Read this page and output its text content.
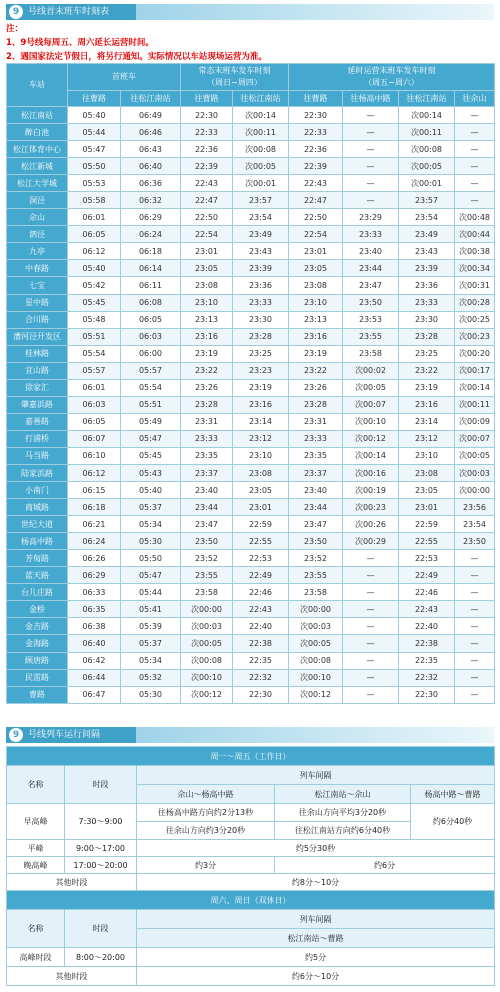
9 号线首末班车时刻表
注：
1、9号线每周五、周六延长运营时间。
2、遇国家法定节假日，将另行通知。实际情况以车站现场运营为准。
车站	首班车		常态末班车发车时刻
（周日~周四）		延时运营末班车发车时刻
（周五~周六）			

	往曹路	往松江南站	往曹路	往松江南站	往曹路	往杨高中路	往松江南站	往佘山
松江南站	05:40	06:49	22:30	次00:14	22:30	—	次00:14	—
醉白池	05:44	06:46	22:33	次00:11	22:33	—	次00:11	—
松江体育中心	05:47	06:43	22:36	次00:08	22:36	—	次00:08	—
松江新城	05:50	06:40	22:39	次00:05	22:39	—	次00:05	—
松江大学城	05:53	06:36	22:43	次00:01	22:43	—	次00:01	—
洞泾	05:58	06:32	22:47	23:57	22:47	—	23:57	—
佘山	06:01	06:29	22:50	23:54	22:50	23:29	23:54	次00:48
泗泾	06:05	06:24	22:54	23:49	22:54	23:33	23:49	次00:44
九亭	06:12	06:18	23:01	23:43	23:01	23:40	23:43	次00:38
中春路	05:40	06:14	23:05	23:39	23:05	23:44	23:39	次00:34
七宝	05:42	06:11	23:08	23:36	23:08	23:47	23:36	次00:31
星中路	05:45	06:08	23:10	23:33	23:10	23:50	23:33	次00:28
合川路	05:48	06:05	23:13	23:30	23:13	23:53	23:30	次00:25
漕河泾开发区	05:51	06:03	23:16	23:28	23:16	23:55	23:28	次00:23
桂林路	05:54	06:00	23:19	23:25	23:19	23:58	23:25	次00:20
宜山路	05:57	05:57	23:22	23:23	23:22	次00:02	23:22	次00:17
徐家汇	06:01	05:54	23:26	23:19	23:26	次00:05	23:19	次00:14
肇嘉浜路	06:03	05:51	23:28	23:16	23:28	次00:07	23:16	次00:11
嘉善路	06:05	05:49	23:31	23:14	23:31	次00:10	23:14	次00:09
打浦桥	06:07	05:47	23:33	23:12	23:33	次00:12	23:12	次00:07
马当路	06:10	05:45	23:35	23:10	23:35	次00:14	23:10	次00:05
陆家浜路	06:12	05:43	23:37	23:08	23:37	次00:16	23:08	次00:03
小南门	06:15	05:40	23:40	23:05	23:40	次00:19	23:05	次00:00
商城路	06:18	05:37	23:44	23:01	23:44	次00:23	23:01	23:56
世纪大道	06:21	05:34	23:47	22:59	23:47	次00:26	22:59	23:54
杨高中路	06:24	05:30	23:50	22:55	23:50	次00:29	22:55	23:50
芳甸路	06:26	05:50	23:52	22:53	23:52	—	22:53	—
蓝天路	06:29	05:47	23:55	22:49	23:55	—	22:49	—
台儿庄路	06:33	05:44	23:58	22:46	23:58	—	22:46	—
金桥	06:35	05:41	次00:00	22:43	次00:00	—	22:43	—
金吉路	06:38	05:39	次00:03	22:40	次00:03	—	22:40	—
金海路	06:40	05:37	次00:05	22:38	次00:05	—	22:38	—
顾唐路	06:42	05:34	次00:08	22:35	次00:08	—	22:35	—
民雷路	06:44	05:32	次00:10	22:32	次00:10	—	22:32	—
曹路	06:47	05:30	次00:12	22:30	次00:12	—	22:30	—
9 号线列车运行间隔
周一～周五（工作日）				
名称	时段	列车间隔		
		佘山～杨高中路	松江南站～佘山	杨高中路～曹路
早高峰	7:30～9:00	往杨高中路方向约2分13秒	往余山方向平均3分20秒	约6分40秒
		往余山方向约3分20秒	往松江南站方向约6分40秒	
平峰	9:00～17:00	约5分30秒		
晚高峰	17:00～20:00	约3分	约6分	
其他时段		约8分～10分		
周六、周日（双休日）				
名称	时段	列车间隔		
		松江南站～曹路		
高峰时段	8:00～20:00	约5分		
其他时段		约6分～10分		
